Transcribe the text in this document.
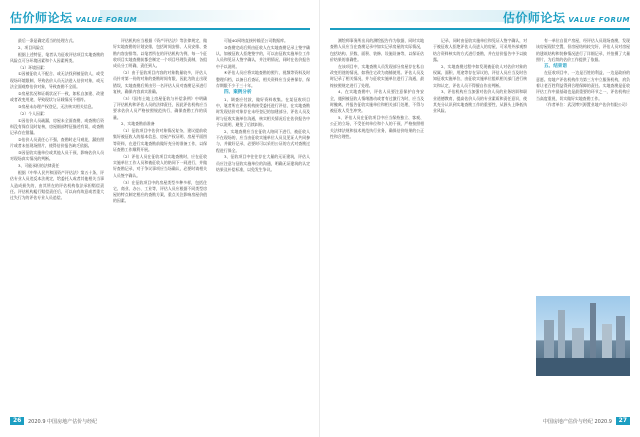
估价师论坛 VALUE FORUM

最后一条是确定适当的处理方式。

2、项目风险点

根据上述特征，笔者认为征收评估项目实地查勘的风险点可分环境因素和个人因素两类。

（1）环境因素：

①因被征收人不配合、或无法找到被征收人，或受现场环境限制，导致估价人员无法进入估价对象，或无法全面观察估价对象，导致查勘不全面。

②房屋状况和证载状况不一致，如私自加建、改建或者改变用途，导致现状与证载情况不相符。

③房屋未办理产权登记，无法核实相关信息。

（2）个人因素：

①因估价人员疏漏，房屋未全面查勘，或查勘后资料没有保存及时复核，房屋细部特征描述有误，或查勘记录存在错漏。

②估价人员责任心不强，查勘时走马观花，漏拍照片或者未拍现场照片，使得估价报告缺乏依据。

③因征收实施单位或其他人员干预，影响估价人员对现场真实情况的判断。

3、可能承担的法律责任

根据《中华人民共和国资产评估法》第五十条，评估专业人员违反本法规定，给委托人或者其他相关当事人造成损失的，由其所在的评估机构依法承担赔偿责任。评估机构履行赔偿责任后，可以向有故意或者重大过失行为的评估专业人员追偿。

评估机构应当根据《资产评估法》等法律规定，做好实地查勘的计划安排，包括时间安排、人员安排、查勘内容安排等。以笔者所在的评估机构为例，每一个征收项目实地查勘前都会制定一个项目经理负责制，各组成员分工明确，责任到人。

（2）由于征收项目内容的对象数量较多，评估人员针对第一份的对象的查勘时间有限，因此为防止出现错误，实地查勘后须由另一名评估人员对查勘记录进行复核，确保内容真实准确。

（3）《国有土地上房屋征收与补偿条例》中明确了评估机构和评估人员的法律责任，因此评估机构应当要求估价人员严格按照规范执行，确保查勘工作的质量。

2、实地查勘前准备

（1）征收项目中估价对象情况复杂，建议提前收集好被征收人的基本信息、房屋产权证明、房屋平面图等资料，在进行实地查勘前做好充分的准备工作，以保证查勘工作顺利开展。

（2）评估人员在征收项目实地查勘时，应在征收实施单位工作人员和被征收人的陪同下一同进行，并做好查勘记录，对于争议事项应当场确认，必要时请相关人员签字确认。

（3）在征收项目中的房屋类型多种多样，包括住宅、商业、办公、工业等，评估人员应根据不同类型房屋的特点制定相应的查勘方案，重点关注影响房屋价值的因素。

可能4G网络直接传输至公司数据库。

③查勘完成后须由征收人在实地查勘记录上签字确认，如被征收人拒绝签字的，可以由征收实施单位工作人员和见证人签字确认，并注明情况，同时在估价报告中予以说明。

④评估人员应将实地查勘的照片、视频等资料及时整理归档，以备日后查证，相关资料应当妥善保存，保存期限不少于三十年。

四、案例分析

1、调查应付款，做好资料收集。在某征收项目中，笔者所在评估机构接受委托进行评估，在实地查勘时发现估价对象存在未经登记的加建部分，评估人员及时与征收实施单位沟通，核实相关情况后在估价报告中予以说明，避免了后续纠纷。

2、实地查勘应当在征收人陪同下进行，被征收人不在现场的，应当由征收实施单位人员及见证人共同参与，并做好记录，必要时可以采用公证的方式对查勘过程进行保全。

3、征收项目中往往存在大量的无证建筑，评估人员应注意与征收实施单位的沟通，明确无证建筑的认定结果及补偿标准，以免发生争议。

26	2020.9 中国房地产估价与经纪
估价师论坛 VALUE FORUM

测绘师事务所出具的测绘报告作为依据，同时实地查勘人员应当在查勘记录中如实记录房屋的实际情况，包括结构、层数、面积、装修、设施设备等，以保证估价结果的准确性。

在该项目中，实地查勘人员发现部分房屋存在私自改变用途的情况，如将住宅改为商铺使用。评估人员及时记录了相关情况，并与征收实施单位进行了沟通，最终按照规定进行了处理。

4、在实地查勘中，评估人员要注意保护自身安全，遇到被征收人情绪激动或者有过激行为时，应当及时撤离，并报告征收实施单位和相关部门处理，不得与被征收人发生冲突。

5、评估人员在征收项目中应当保持独立、客观、公正的立场，不受任何单位和个人的干预，严格按照相关法律法规和技术规范执行业务，确保估价结果的公正性和合理性。

记录，同时由征收实施单位和见证人签字确认，对于被征收人拒绝评估人员进入的房屋，可采用外部观察结合资料核实的方式进行查勘，并在估价报告中予以披露。

2、实地查勘过程中如发现被征收人对估价对象的权属、面积、用途等存在异议的，评估人员应当及时告知征收实施单位，由征收实施单位组织相关部门进行核实和认定，评估人员不得擅自作出判断。

3、评估机构应当加强对估价人员的业务培训和职业道德教育，提高估价人员的专业素质和责任意识，使其充分认识到实地查勘工作的重要性，从源头上降低执业风险。

有一单位自留产房屋，经评估人员现场查勘，发现该房屋现状空置，但房屋结构较完好，评估人员对房屋的建筑结构和装修情况进行了详细记录，并拍摄了大量照片，为后续的估价工作提供了依据。

五、结束语

在征收项目中，一边是百姓的利益，一边是政府的意愿。房地产评估机构作为第三方中立服务机构，肩负着让老百姓利益得到合理保障的责任。实地查勘是征收评估工作中最基础也是最重要的环节之一，评估机构应当高度重视，切实做好实地查勘工作。

（作者单位：武汉博兴源置业地产估价有限公司）

27
中国房地产估价与经纪 2020.9
